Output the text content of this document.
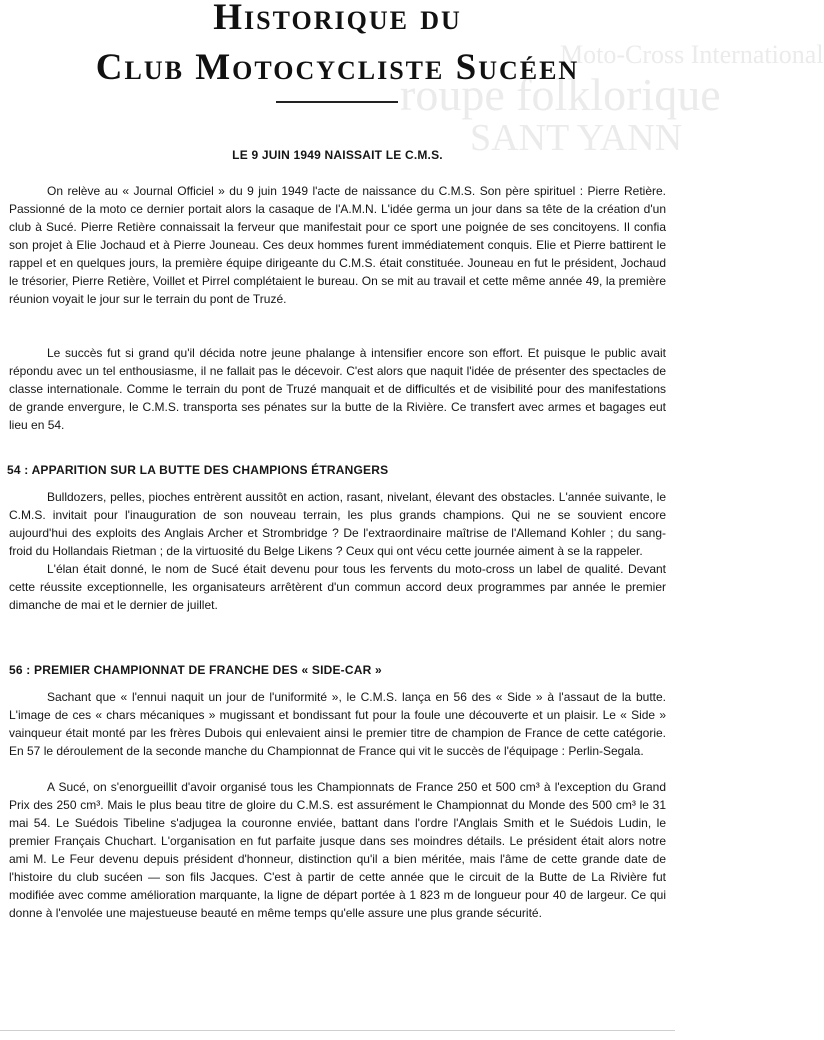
Moto-Cross International
roupe folklorique
SANT YANN
Historique du
Club Motocycliste Sucéen
LE 9 JUIN 1949 NAISSAIT LE C.M.S.

On relève au « Journal Officiel » du 9 juin 1949 l'acte de naissance du C.M.S. Son père spirituel : Pierre Retière. Passionné de la moto ce dernier portait alors la casaque de l'A.M.N. L'idée germa un jour dans sa tête de la création d'un club à Sucé. Pierre Retière connaissait la ferveur que manifestait pour ce sport une poignée de ses concitoyens. Il confia son projet à Elie Jochaud et à Pierre Jouneau. Ces deux hommes furent immédiatement conquis. Elie et Pierre battirent le rappel et en quelques jours, la première équipe dirigeante du C.M.S. était constituée. Jouneau en fut le président, Jochaud le trésorier, Pierre Retière, Voillet et Pirrel complétaient le bureau. On se mit au travail et cette même année 49, la première réunion voyait le jour sur le terrain du pont de Truzé.

Le succès fut si grand qu'il décida notre jeune phalange à intensifier encore son effort. Et puisque le public avait répondu avec un tel enthousiasme, il ne fallait pas le décevoir. C'est alors que naquit l'idée de présenter des spectacles de classe internationale. Comme le terrain du pont de Truzé manquait et de difficultés et de visibilité pour des manifestations de grande envergure, le C.M.S. transporta ses pénates sur la butte de la Rivière. Ce transfert avec armes et bagages eut lieu en 54.

54 : APPARITION SUR LA BUTTE DES CHAMPIONS ÉTRANGERS

Bulldozers, pelles, pioches entrèrent aussitôt en action, rasant, nivelant, élevant des obstacles. L'année suivante, le C.M.S. invitait pour l'inauguration de son nouveau terrain, les plus grands champions. Qui ne se souvient encore aujourd'hui des exploits des Anglais Archer et Strombridge ? De l'extraordinaire maîtrise de l'Allemand Kohler ; du sang-froid du Hollandais Rietman ; de la virtuosité du Belge Likens ? Ceux qui ont vécu cette journée aiment à se la rappeler.

L'élan était donné, le nom de Sucé était devenu pour tous les fervents du moto-cross un label de qualité. Devant cette réussite exceptionnelle, les organisateurs arrêtèrent d'un commun accord deux programmes par année le premier dimanche de mai et le dernier de juillet.

56 : PREMIER CHAMPIONNAT DE FRANCHE DES « SIDE-CAR »

Sachant que « l'ennui naquit un jour de l'uniformité », le C.M.S. lança en 56 des « Side » à l'assaut de la butte. L'image de ces « chars mécaniques » mugissant et bondissant fut pour la foule une découverte et un plaisir. Le « Side » vainqueur était monté par les frères Dubois qui enlevaient ainsi le premier titre de champion de France de cette catégorie. En 57 le déroulement de la seconde manche du Championnat de France qui vit le succès de l'équipage : Perlin-Segala.

A Sucé, on s'enorgueillit d'avoir organisé tous les Championnats de France 250 et 500 cm³ à l'exception du Grand Prix des 250 cm³. Mais le plus beau titre de gloire du C.M.S. est assurément le Championnat du Monde des 500 cm³ le 31 mai 54. Le Suédois Tibeline s'adjugea la couronne enviée, battant dans l'ordre l'Anglais Smith et le Suédois Ludin, le premier Français Chuchart. L'organisation en fut parfaite jusque dans ses moindres détails. Le président était alors notre ami M. Le Feur devenu depuis président d'honneur, distinction qu'il a bien méritée, mais l'âme de cette grande date de l'histoire du club sucéen — son fils Jacques. C'est à partir de cette année que le circuit de la Butte de La Rivière fut modifiée avec comme amélioration marquante, la ligne de départ portée à 1 823 m de longueur pour 40 de largeur. Ce qui donne à l'envolée une majestueuse beauté en même temps qu'elle assure une plus grande sécurité.
